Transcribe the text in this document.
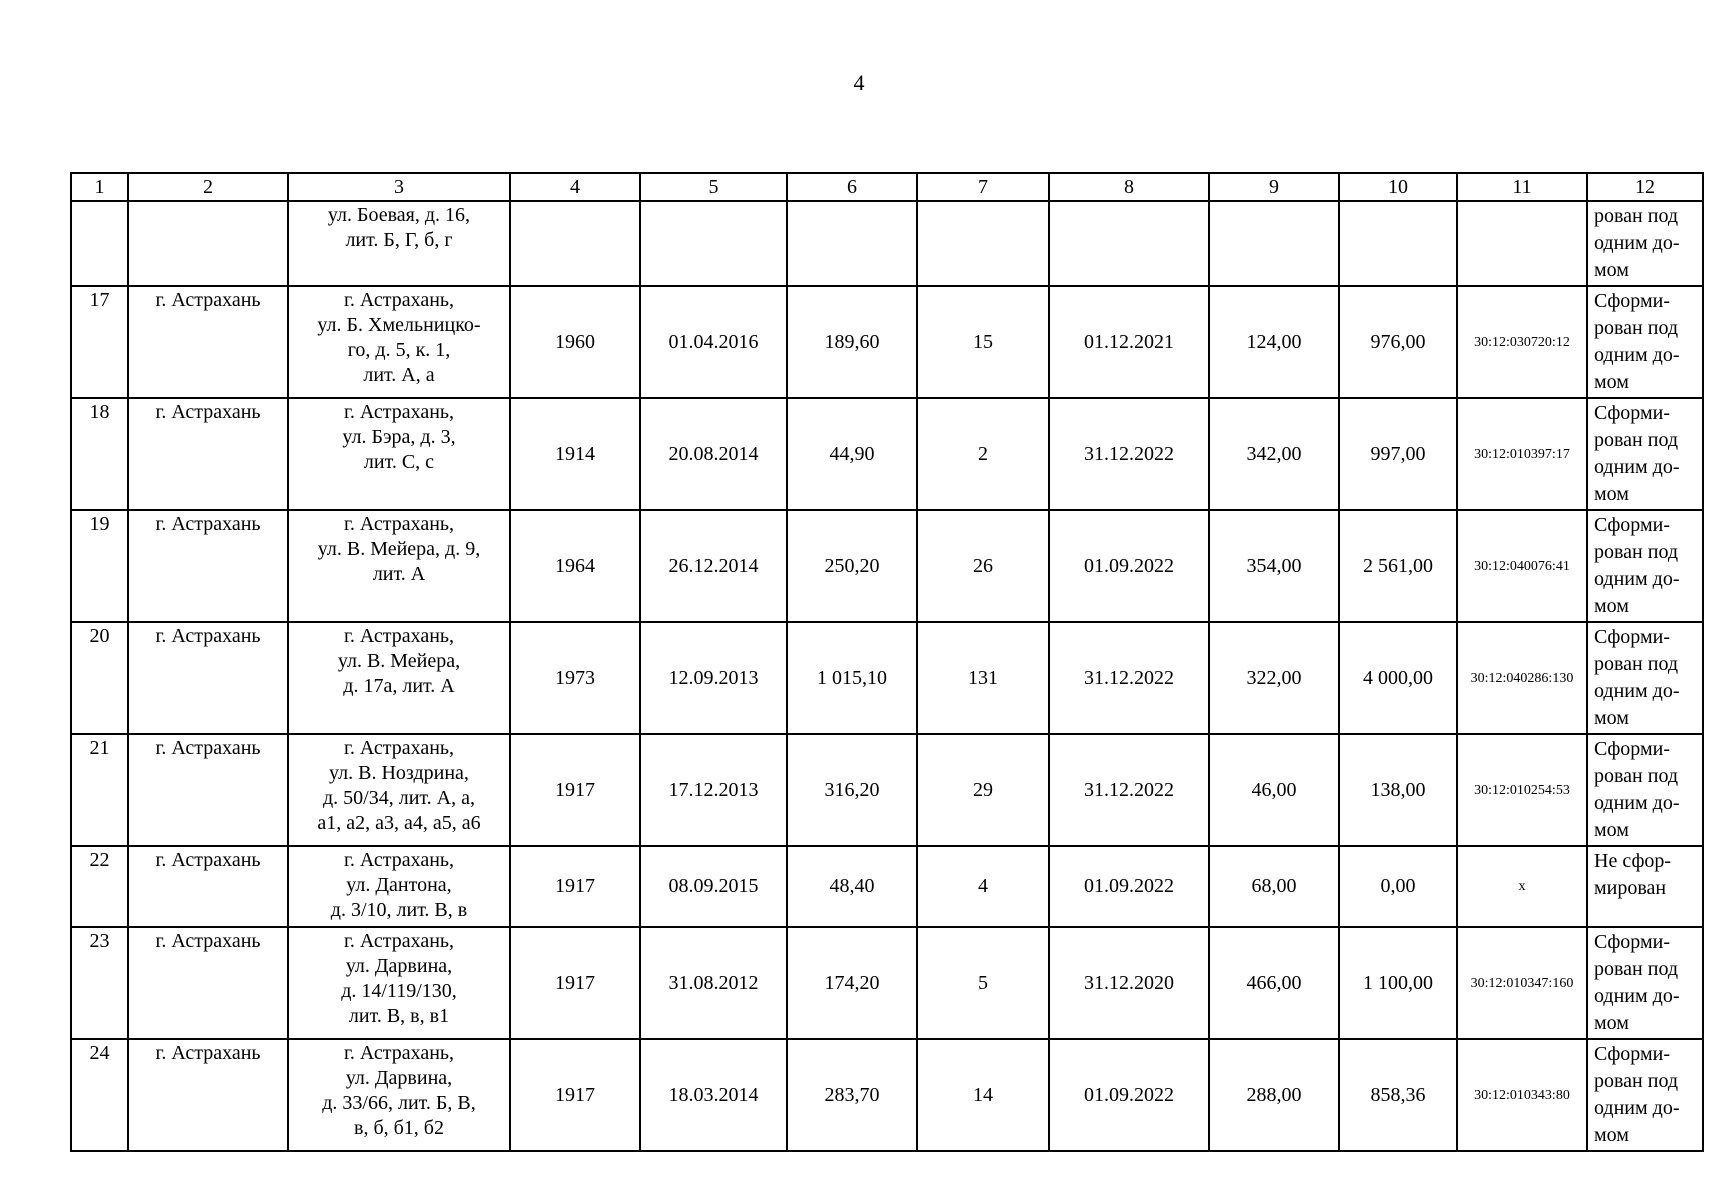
4
1	2	3	4	5	6	7	8	9	10	11	12

		ул. Боевая, д. 16,
лит. Б, Г, б, г									рован под
одним до-
мом

17	г. Астрахань	г. Астрахань,
ул. Б. Хмельницко-
го, д. 5, к. 1,
лит. А, а	1960	01.04.2016	189,60	15	01.12.2021	124,00	976,00	30:12:030720:12	Сформи-
рован под
одним до-
мом

18	г. Астрахань	г. Астрахань,
ул. Бэра, д. 3,
лит. С, с	1914	20.08.2014	44,90	2	31.12.2022	342,00	997,00	30:12:010397:17	Сформи-
рован под
одним до-
мом

19	г. Астрахань	г. Астрахань,
ул. В. Мейера, д. 9,
лит. А	1964	26.12.2014	250,20	26	01.09.2022	354,00	2 561,00	30:12:040076:41	Сформи-
рован под
одним до-
мом

20	г. Астрахань	г. Астрахань,
ул. В. Мейера,
д. 17а, лит. А	1973	12.09.2013	1 015,10	131	31.12.2022	322,00	4 000,00	30:12:040286:130	Сформи-
рован под
одним до-
мом

21	г. Астрахань	г. Астрахань,
ул. В. Ноздрина,
д. 50/34, лит. А, а,
а1, а2, а3, а4, а5, а6	1917	17.12.2013	316,20	29	31.12.2022	46,00	138,00	30:12:010254:53	Сформи-
рован под
одним до-
мом

22	г. Астрахань	г. Астрахань,
ул. Дантона,
д. 3/10, лит. В, в	1917	08.09.2015	48,40	4	01.09.2022	68,00	0,00	х	Не сфор-
мирован

23	г. Астрахань	г. Астрахань,
ул. Дарвина,
д. 14/119/130,
лит. В, в, в1	1917	31.08.2012	174,20	5	31.12.2020	466,00	1 100,00	30:12:010347:160	Сформи-
рован под
одним до-
мом

24	г. Астрахань	г. Астрахань,
ул. Дарвина,
д. 33/66, лит. Б, В,
в, б, б1, б2	1917	18.03.2014	283,70	14	01.09.2022	288,00	858,36	30:12:010343:80	Сформи-
рован под
одним до-
мом
